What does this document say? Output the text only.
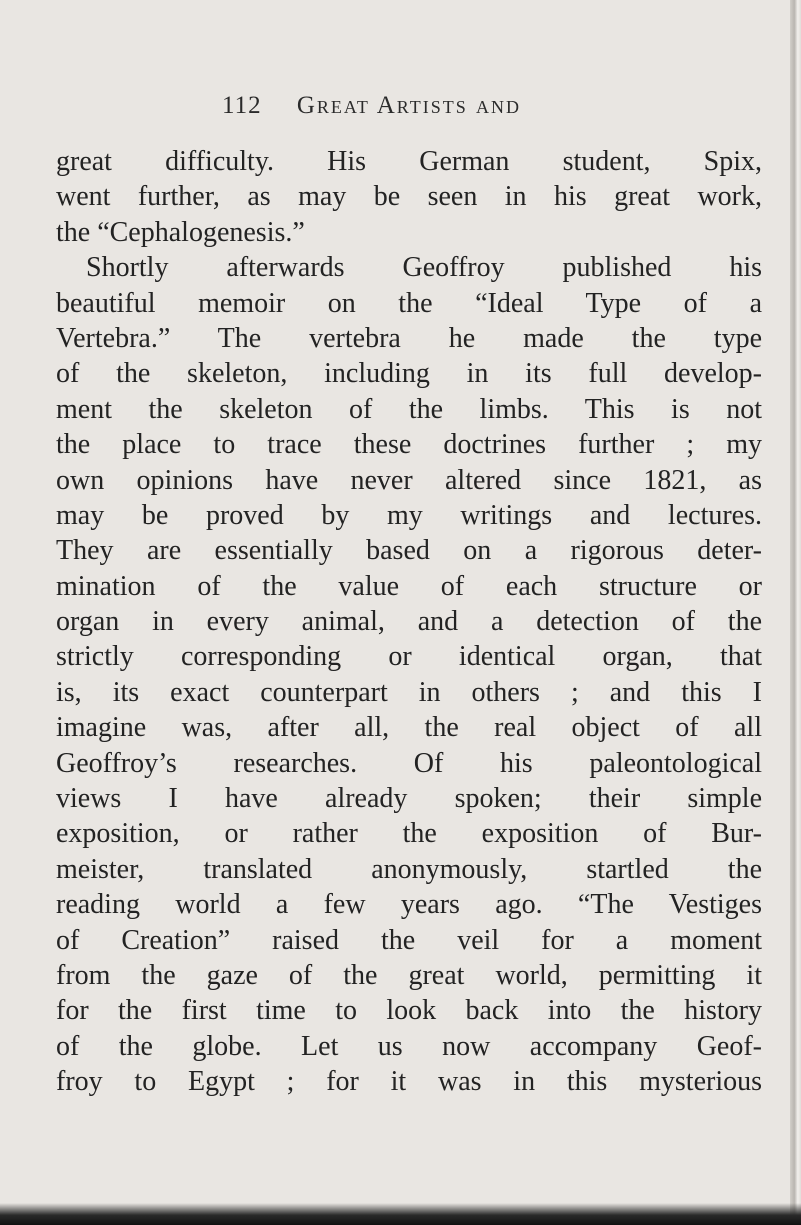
112 Great Artists and
great difficulty. His German student, Spix,
went further, as may be seen in his great work,
the “Cephalogenesis.”
Shortly afterwards Geoffroy published his
beautiful memoir on the “Ideal Type of a
Vertebra.” The vertebra he made the type
of the skeleton, including in its full develop-
ment the skeleton of the limbs. This is not
the place to trace these doctrines further ; my
own opinions have never altered since 1821, as
may be proved by my writings and lectures.
They are essentially based on a rigorous deter-
mination of the value of each structure or
organ in every animal, and a detection of the
strictly corresponding or identical organ, that
is, its exact counterpart in others ; and this I
imagine was, after all, the real object of all
Geoffroy’s researches. Of his paleontological
views I have already spoken; their simple
exposition, or rather the exposition of Bur-
meister, translated anonymously, startled the
reading world a few years ago. “The Vestiges
of Creation” raised the veil for a moment
from the gaze of the great world, permitting it
for the first time to look back into the history
of the globe. Let us now accompany Geof-
froy to Egypt ; for it was in this mysterious
